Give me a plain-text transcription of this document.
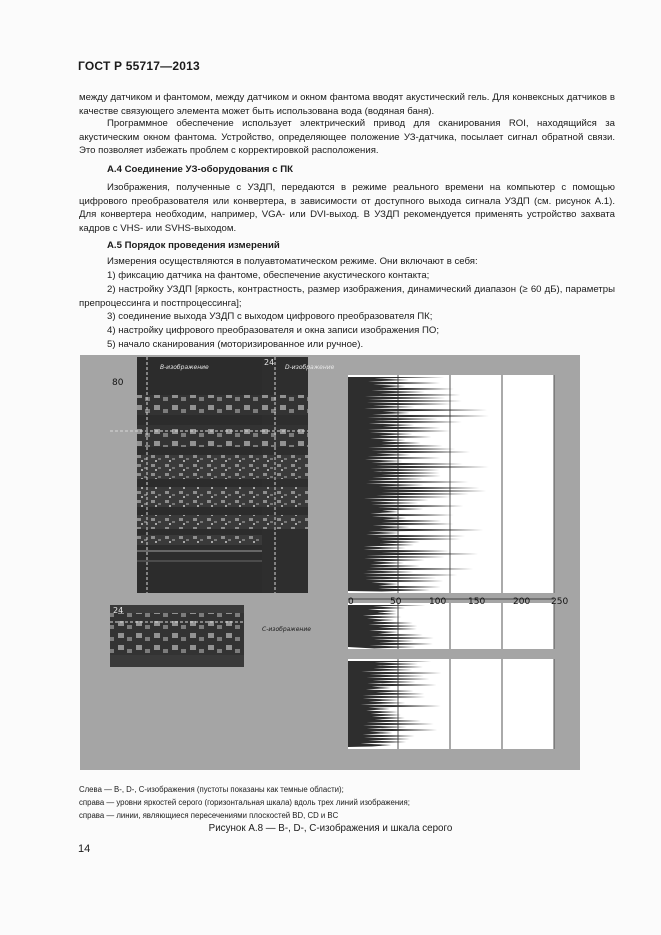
ГОСТ Р 55717—2013
между датчиком и фантомом, между датчиком и окном фантома вводят акустический гель. Для конвексных датчиков в качестве связующего элемента может быть использована вода (водяная баня).
Программное обеспечение использует электрический привод для сканирования ROI, находящийся за акустическим окном фантома. Устройство, определяющее положение УЗ-датчика, посылает сигнал обратной связи. Это позволяет избежать проблем с корректировкой расположения.
А.4 Соединение УЗ-оборудования с ПК
Изображения, полученные с УЗДП, передаются в режиме реального времени на компьютер с помощью цифрового преобразователя или конвертера, в зависимости от доступного выхода сигнала УЗДП (см. рисунок А.1). Для конвертера необходим, например, VGA- или DVI-выход. В УЗДП рекомендуется применять устройство захвата кадров с VHS- или SVHS-выходом.
А.5 Порядок проведения измерений
Измерения осуществляются в полуавтоматическом режиме. Они включают в себя:
1) фиксацию датчика на фантоме, обеспечение акустического контакта;
2) настройку УЗДП [яркость, контрастность, размер изображения, динамический диапазон (≥ 60 дБ), параметры препроцессинга и постпроцессинга];
3) соединение выхода УЗДП с выходом цифрового преобразователя ПК;
4) настройку цифрового преобразователя и окна записи изображения ПО;
5) начало сканирования (моторизированное или ручное).
0	50	100 150	200 250
80
B-изображение
24
D-изображение
24
C-изображение
Слева — B-, D-, C-изображения (пустоты показаны как темные области);
справа — уровни яркостей серого (горизонтальная шкала) вдоль трех линий изображения;
справа — линии, являющиеся пересечениями плоскостей BD, CD и BC
Рисунок А.8 — B-, D-, C-изображения и шкала серого
14
